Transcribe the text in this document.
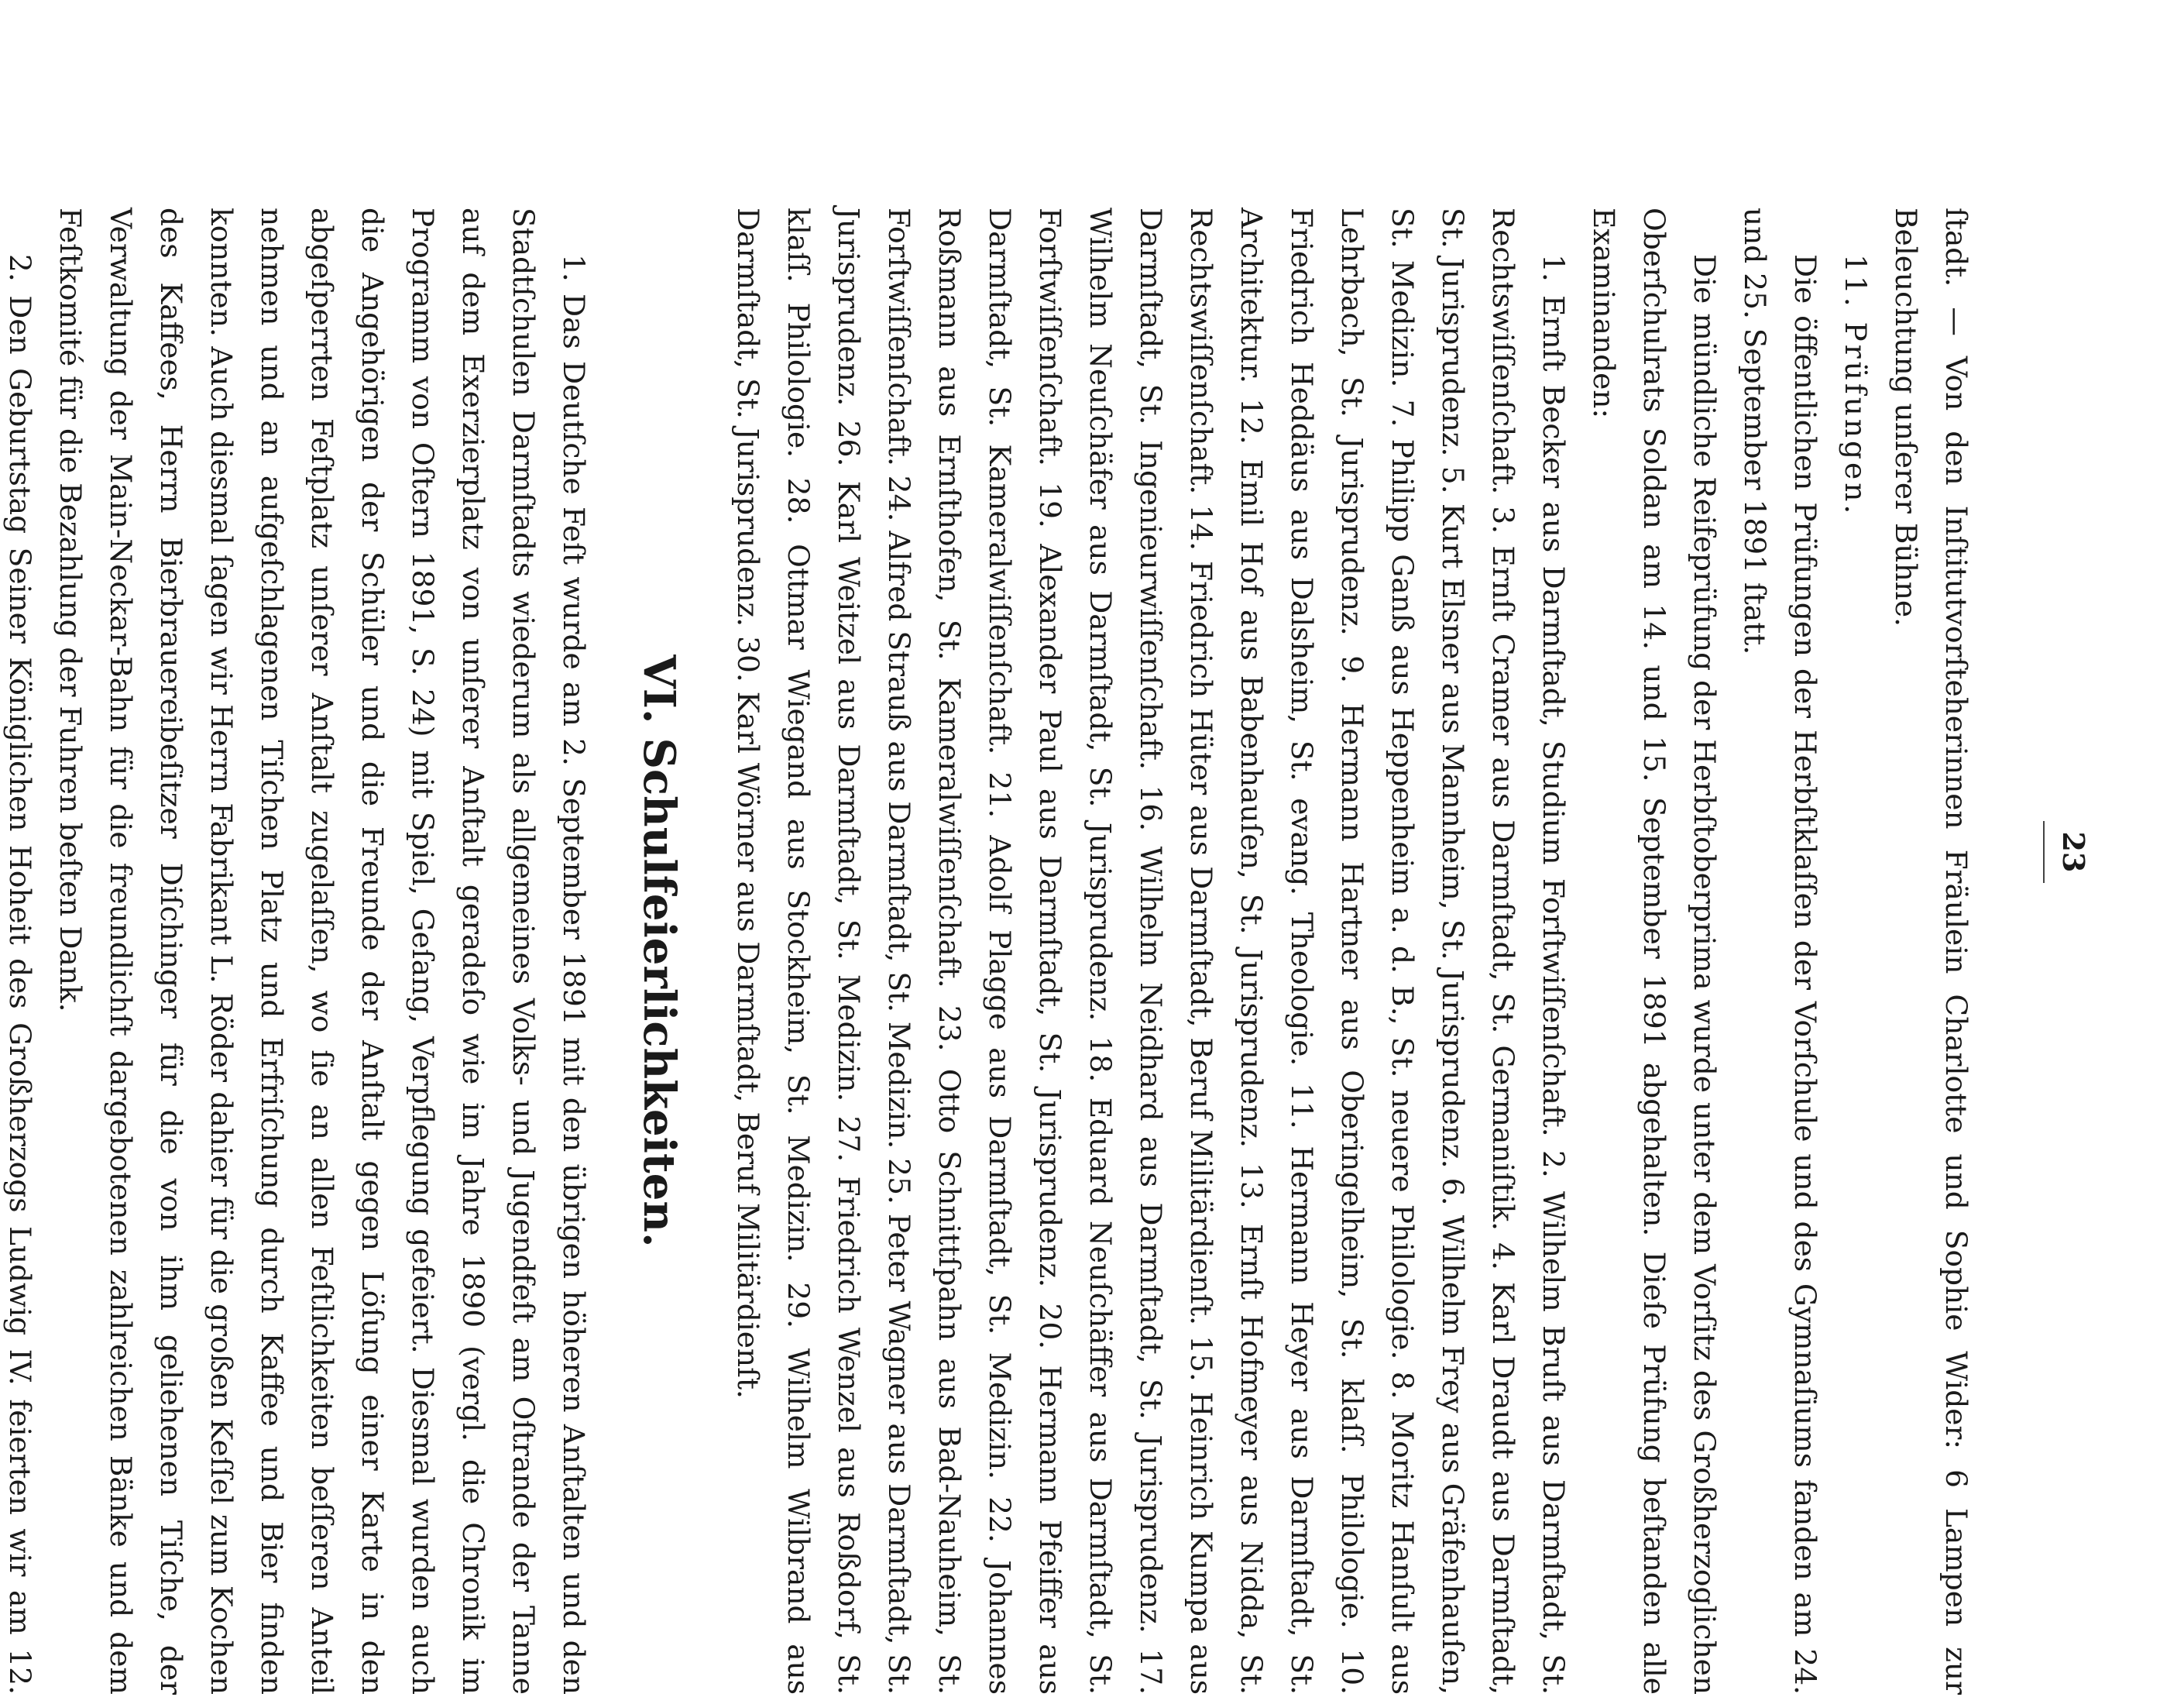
23

ſtadt. — Von den Inſtitutvorſteherinnen Fräulein Charlotte und Sophie Wider: 6 Lampen zur Beleuchtung unſerer Bühne.

11. Prüfungen.

Die öffentlichen Prüfungen der Herbſtklaſſen der Vorſchule und des Gymnaſiums fanden am 24. und 25. September 1891 ſtatt.

Die mündliche Reifeprüfung der Herbſtoberprima wurde unter dem Vorſitz des Großherzoglichen Oberſchulrats Soldan am 14. und 15. September 1891 abgehalten. Dieſe Prüfung beſtanden alle Examinanden:

1. Ernſt Becker aus Darmſtadt, Studium Forſtwiſſenſchaft. 2. Wilhelm Bruſt aus Darmſtadt, St. Rechtswiſſenſchaft. 3. Ernſt Cramer aus Darmſtadt, St. Germaniſtik. 4. Karl Draudt aus Darmſtadt, St. Jurisprudenz. 5. Kurt Elsner aus Mannheim, St. Jurisprudenz. 6. Wilhelm Frey aus Gräfenhauſen, St. Medizin. 7. Philipp Ganß aus Heppenheim a. d. B., St. neuere Philologie. 8. Moritz Hanſult aus Lehrbach, St. Jurisprudenz. 9. Hermann Hartner aus Oberingelheim, St. klaſſ. Philologie. 10. Friedrich Heddäus aus Dalsheim, St. evang. Theologie. 11. Hermann Heyer aus Darmſtadt, St. Architektur. 12. Emil Hof aus Babenhauſen, St. Jurisprudenz. 13. Ernſt Hofmeyer aus Nidda, St. Rechtswiſſenſchaft. 14. Friedrich Hüter aus Darmſtadt, Beruf Militärdienſt. 15. Heinrich Kumpa aus Darmſtadt, St. Ingenieurwiſſenſchaft. 16. Wilhelm Neidhard aus Darmſtadt, St. Jurisprudenz. 17. Wilhelm Neuſchäfer aus Darmſtadt, St. Jurisprudenz. 18. Eduard Neuſchäffer aus Darmſtadt, St. Forſtwiſſenſchaft. 19. Alexander Paul aus Darmſtadt, St. Jurisprudenz. 20. Hermann Pfeiffer aus Darmſtadt, St. Kameralwiſſenſchaft. 21. Adolf Plagge aus Darmſtadt, St. Medizin. 22. Johannes Roßmann aus Ernſthofen, St. Kameralwiſſenſchaft. 23. Otto Schnittſpahn aus Bad-Nauheim, St. Forſtwiſſenſchaft. 24. Alfred Strauß aus Darmſtadt, St. Medizin. 25. Peter Wagner aus Darmſtadt, St. Jurisprudenz. 26. Karl Weitzel aus Darmſtadt, St. Medizin. 27. Friedrich Wenzel aus Roßdorf, St. klaſſ. Philologie. 28. Ottmar Wiegand aus Stockheim, St. Medizin. 29. Wilhelm Wilbrand aus Darmſtadt, St. Jurisprudenz. 30. Karl Wörner aus Darmſtadt, Beruf Militärdienſt.

VI.Schulfeierlichkeiten.

1. Das Deutſche Feſt wurde am 2. September 1891 mit den übrigen höheren Anſtalten und den Stadtſchulen Darmſtadts wiederum als allgemeines Volks- und Jugendfeſt am Oſtrande der Tanne auf dem Exerzierplatz von unſerer Anſtalt geradeſo wie im Jahre 1890 (vergl. die Chronik im Programm von Oſtern 1891, S. 24) mit Spiel, Geſang, Verpflegung gefeiert. Diesmal wurden auch die Angehörigen der Schüler und die Freunde der Anſtalt gegen Löſung einer Karte in den abgeſperrten Feſtplatz unſerer Anſtalt zugelaſſen, wo ſie an allen Feſtlichkeiten beſſeren Anteil nehmen und an aufgeſchlagenen Tiſchen Platz und Erfriſchung durch Kaffee und Bier finden konnten. Auch diesmal ſagen wir Herrn Fabrikant L. Röder dahier für die großen Keſſel zum Kochen des Kaffees, Herrn Bierbrauereibeſitzer Diſchinger für die von ihm geliehenen Tiſche, der Verwaltung der Main-Neckar-Bahn für die freundlichſt dargebotenen zahlreichen Bänke und dem Feſtkomité für die Bezahlung der Fuhren beſten Dank.

2. Den Geburtstag Seiner Königlichen Hoheit des Großherzogs Ludwig IV. feierten wir am 12.
